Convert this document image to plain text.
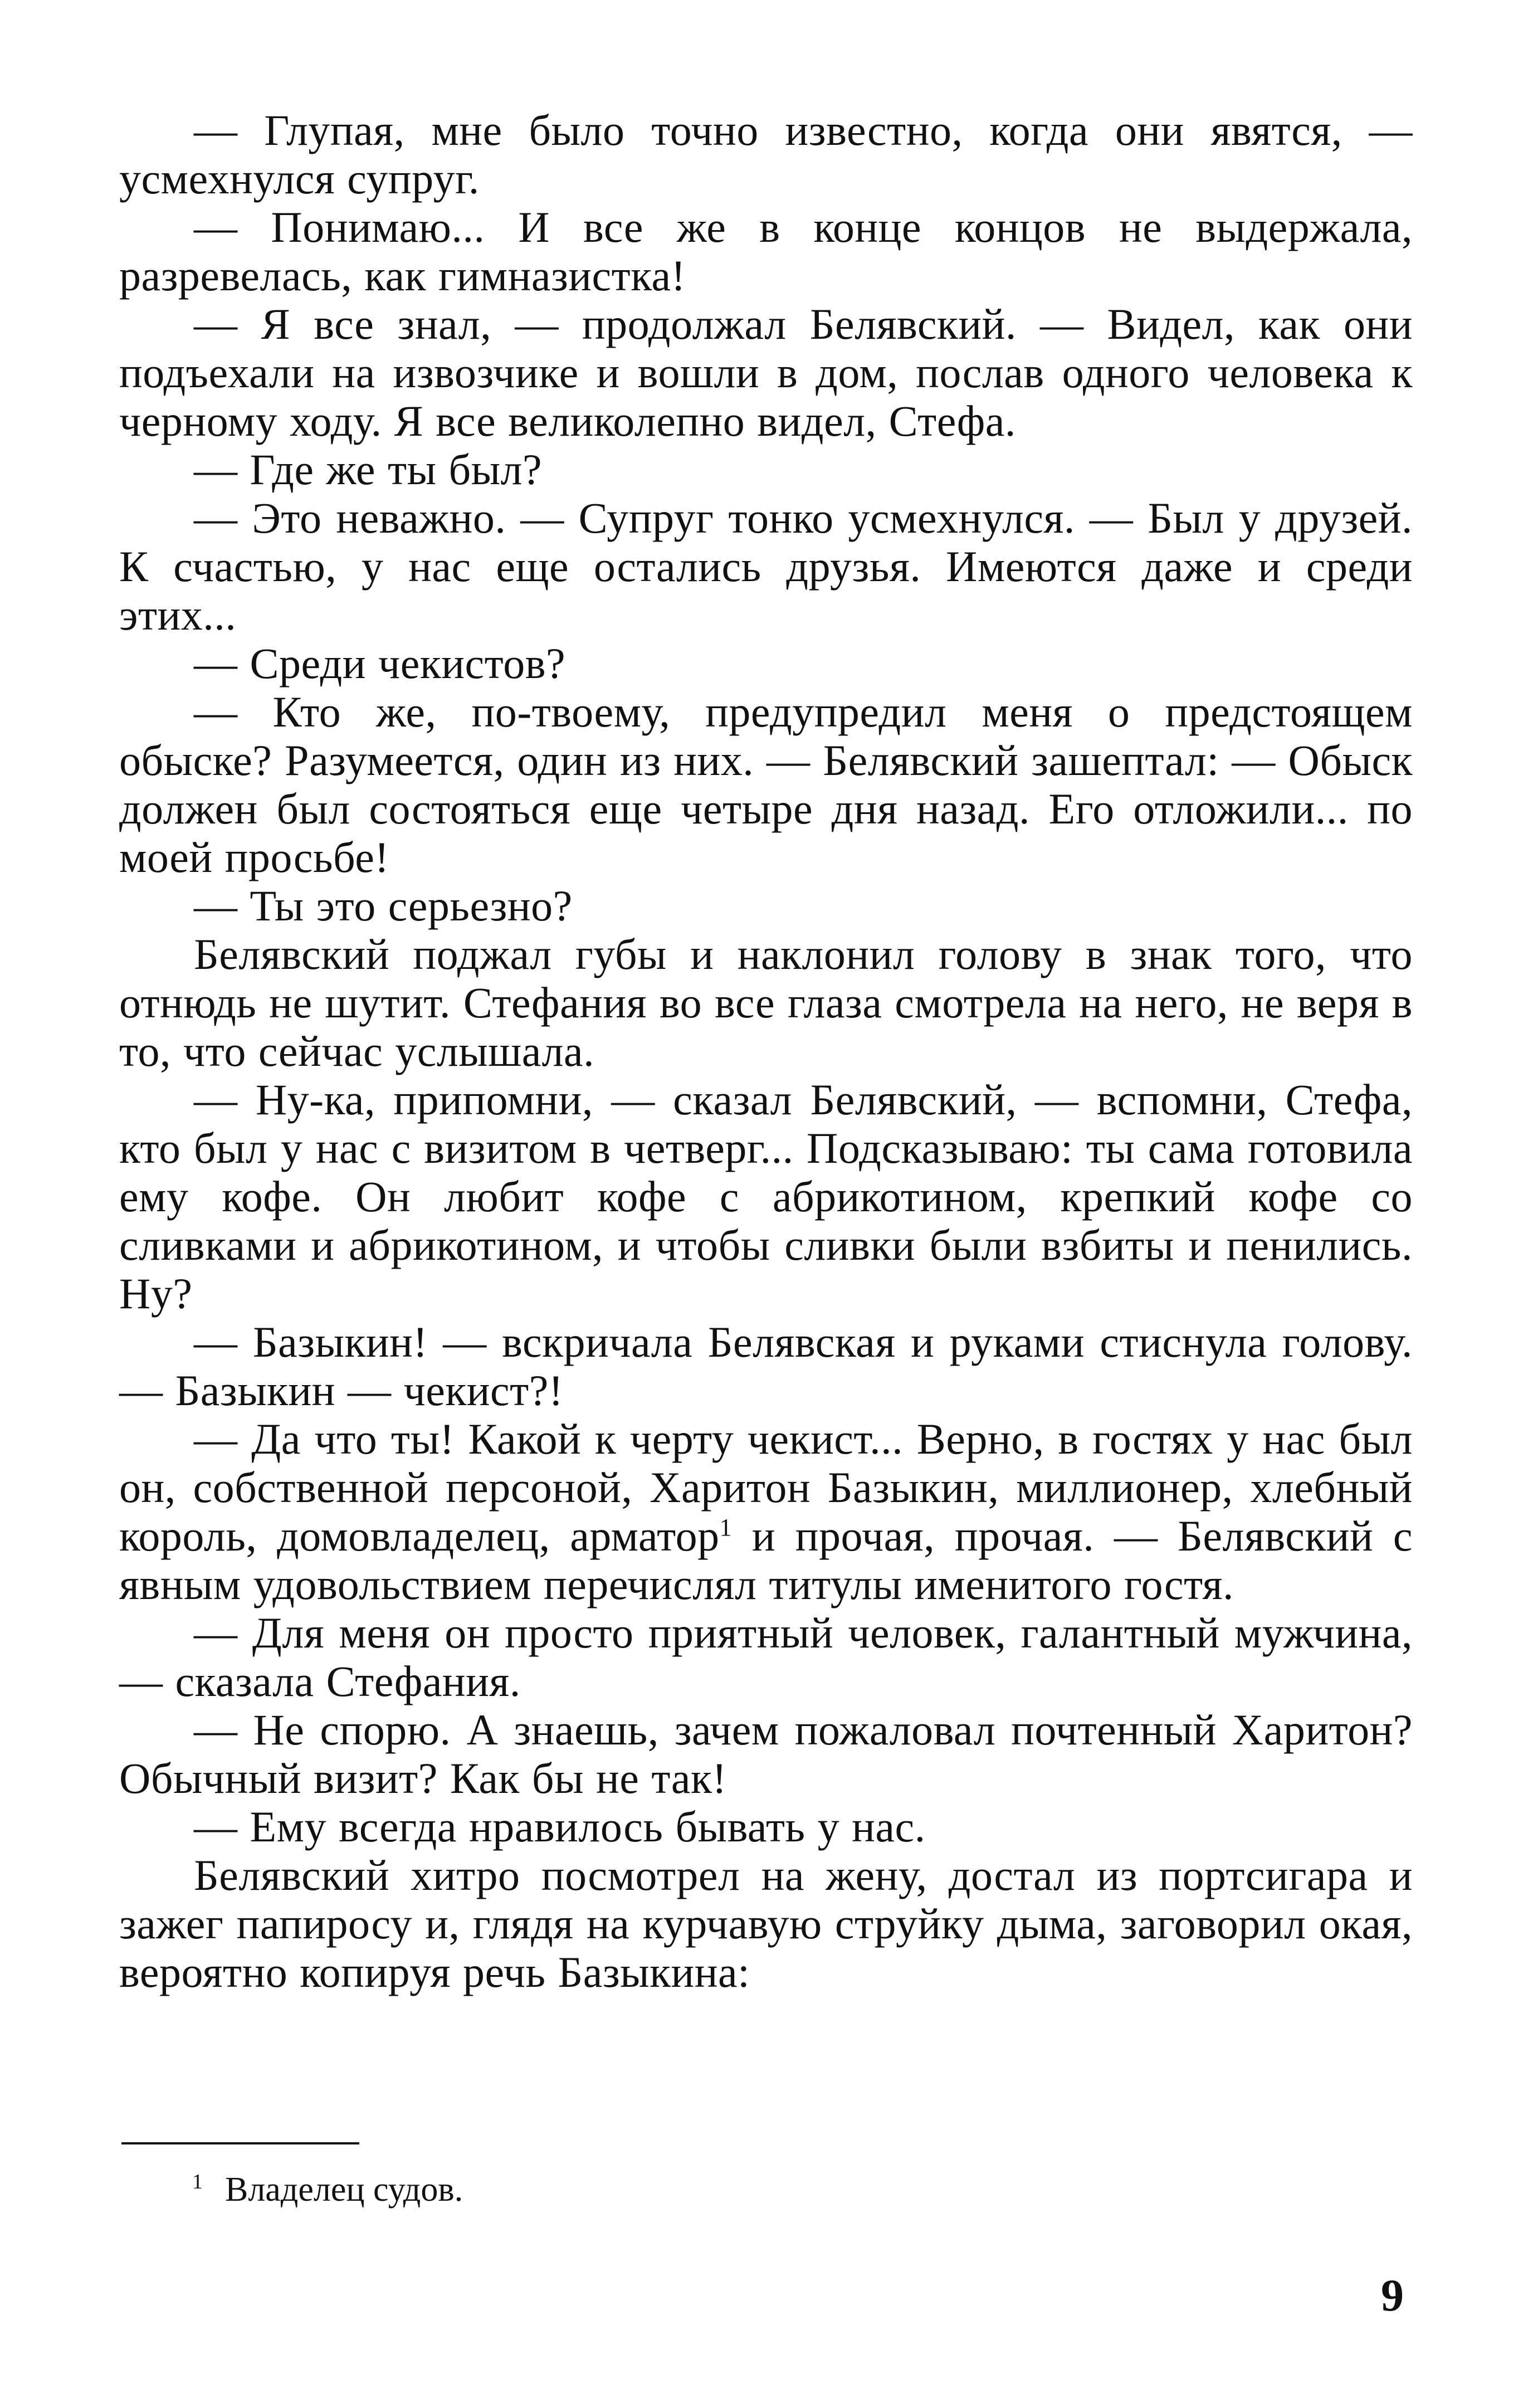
— Глупая, мне было точно известно, когда они явятся, — усмехнулся супруг.

— Понимаю... И все же в конце концов не выдержала, разревелась, как гимназистка!

— Я все знал, — продолжал Белявский. — Видел, как они подъехали на извозчике и вошли в дом, послав одного человека к черному ходу. Я все великолепно видел, Стефа.

— Где же ты был?

— Это неважно. — Супруг тонко усмехнулся. — Был у друзей. К счастью, у нас еще остались друзья. Имеются даже и среди этих...

— Среди чекистов?

— Кто же, по-твоему, предупредил меня о предстоящем обыске? Разумеется, один из них. — Белявский зашептал: — Обыск должен был состояться еще четыре дня назад. Его отложили... по моей просьбе!

— Ты это серьезно?

Белявский поджал губы и наклонил голову в знак того, что отнюдь не шутит. Стефания во все глаза смотрела на него, не веря в то, что сейчас услышала.

— Ну-ка, припомни, — сказал Белявский, — вспомни, Стефа, кто был у нас с визитом в четверг... Подсказываю: ты сама готовила ему кофе. Он любит кофе с абрикотином, крепкий кофе со сливками и абрикотином, и чтобы сливки были взбиты и пенились. Ну?

— Базыкин! — вскричала Белявская и руками стиснула голову. — Базыкин — чекист?!

— Да что ты! Какой к черту чекист... Верно, в гостях у нас был он, собственной персоной, Харитон Базыкин, миллионер, хлебный король, домовладелец, арматор$^1$ и прочая, прочая. — Белявский с явным удовольствием перечислял титулы именитого гостя.

— Для меня он просто приятный человек, галантный мужчина, — сказала Стефания.

— Не спорю. А знаешь, зачем пожаловал почтенный Харитон? Обычный визит? Как бы не так!

— Ему всегда нравилось бывать у нас.

Белявский хитро посмотрел на жену, достал из портсигара и зажег папиросу и, глядя на курчавую струйку дыма, заговорил окая, вероятно копируя речь Базыкина:

$^1$ Владелец судов.

9
